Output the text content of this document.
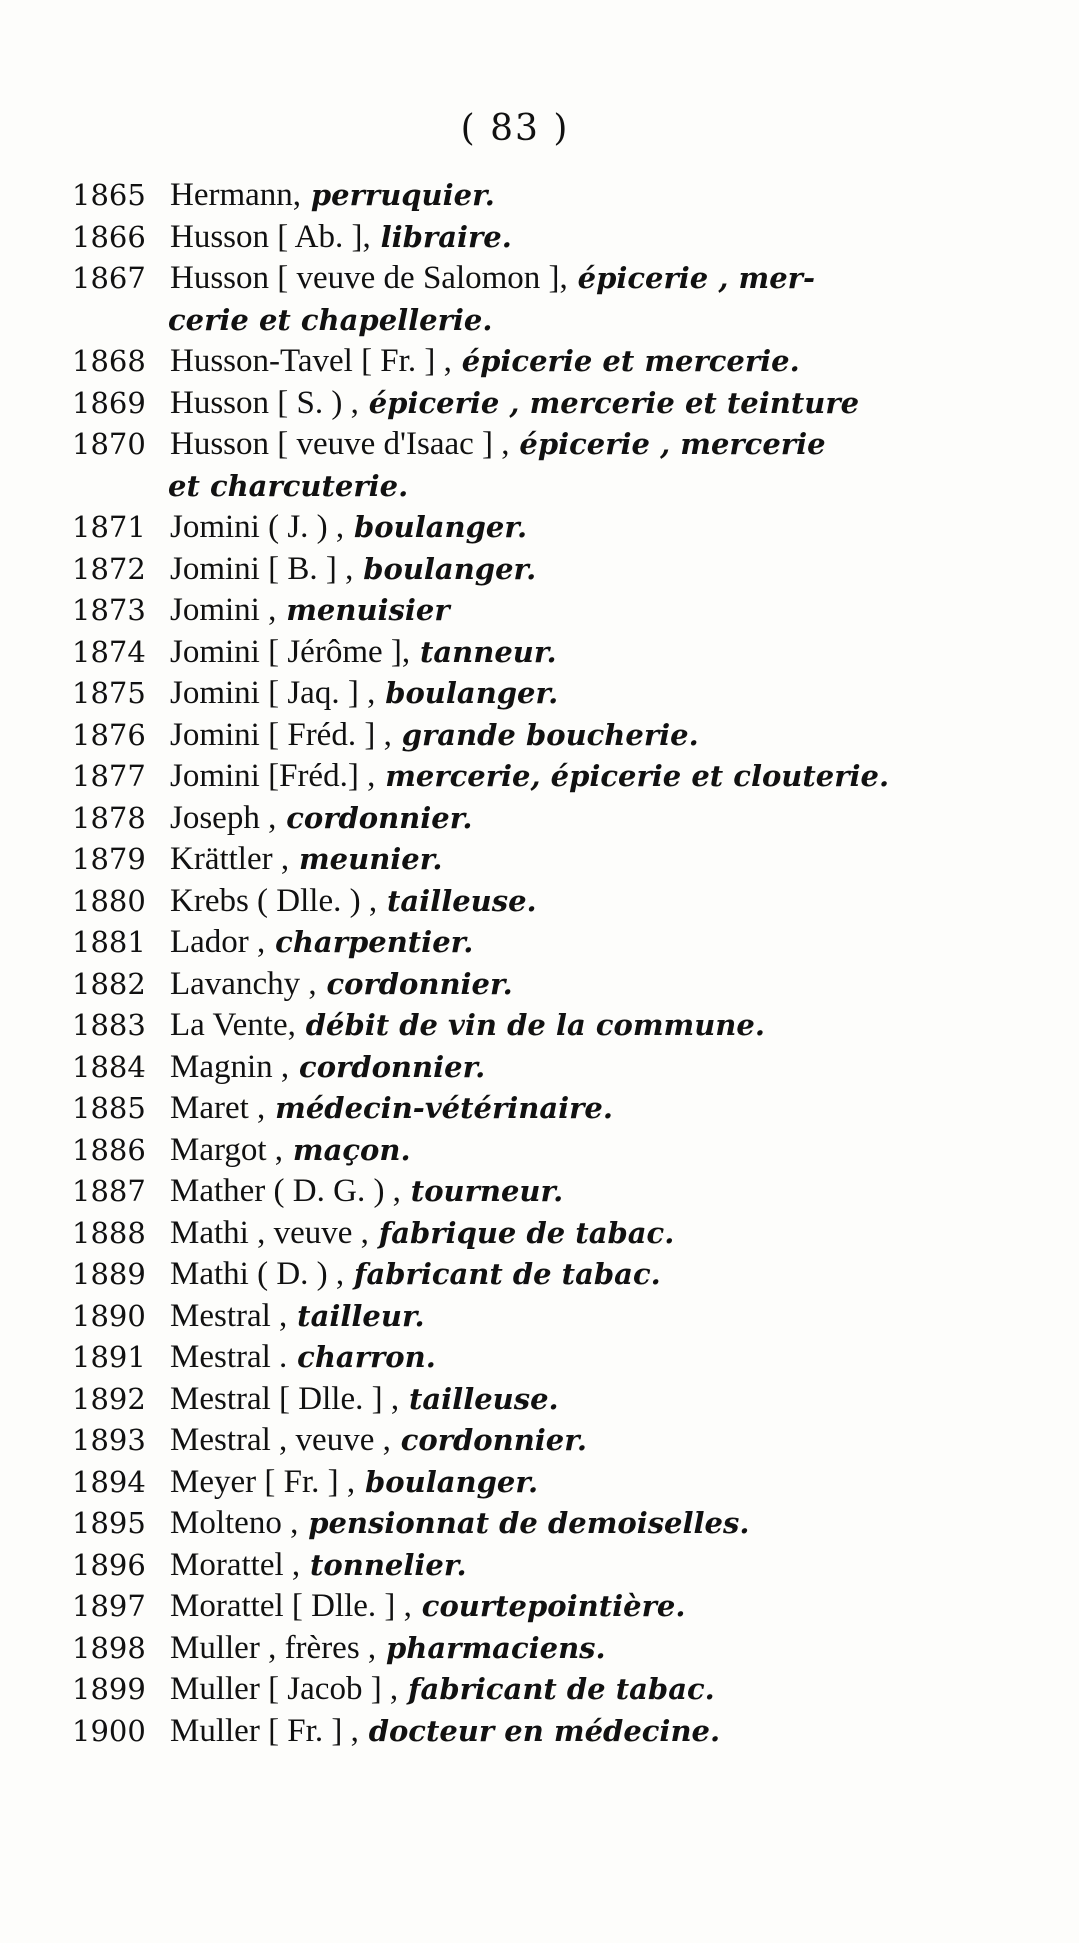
( 83 )
1865 Hermann, perruquier.
1866 Husson [ Ab. ], libraire.
1867 Husson [ veuve de Salomon ], épicerie , mer-
cerie et chapellerie.
1868 Husson-Tavel [ Fr. ] , épicerie et mercerie.
1869 Husson [ S. ) , épicerie , mercerie et teinture
1870 Husson [ veuve d'Isaac ] , épicerie , mercerie
et charcuterie.
1871 Jomini ( J. ) , boulanger.
1872 Jomini [ B. ] , boulanger.
1873 Jomini , menuisier
1874 Jomini [ Jérôme ], tanneur.
1875 Jomini [ Jaq. ] , boulanger.
1876 Jomini [ Fréd. ] , grande boucherie.
1877 Jomini [Fréd.] , mercerie, épicerie et clouterie.
1878 Joseph , cordonnier.
1879 Krättler , meunier.
1880 Krebs ( Dlle. ) , tailleuse.
1881 Lador , charpentier.
1882 Lavanchy , cordonnier.
1883 La Vente, débit de vin de la commune.
1884 Magnin , cordonnier.
1885 Maret , médecin-vétérinaire.
1886 Margot , maçon.
1887 Mather ( D. G. ) , tourneur.
1888 Mathi , veuve , fabrique de tabac.
1889 Mathi ( D. ) , fabricant de tabac.
1890 Mestral , tailleur.
1891 Mestral . charron.
1892 Mestral [ Dlle. ] , tailleuse.
1893 Mestral , veuve , cordonnier.
1894 Meyer [ Fr. ] , boulanger.
1895 Molteno , pensionnat de demoiselles.
1896 Morattel , tonnelier.
1897 Morattel [ Dlle. ] , courtepointière.
1898 Muller , frères , pharmaciens.
1899 Muller [ Jacob ] , fabricant de tabac.
1900 Muller [ Fr. ] , docteur en médecine.
